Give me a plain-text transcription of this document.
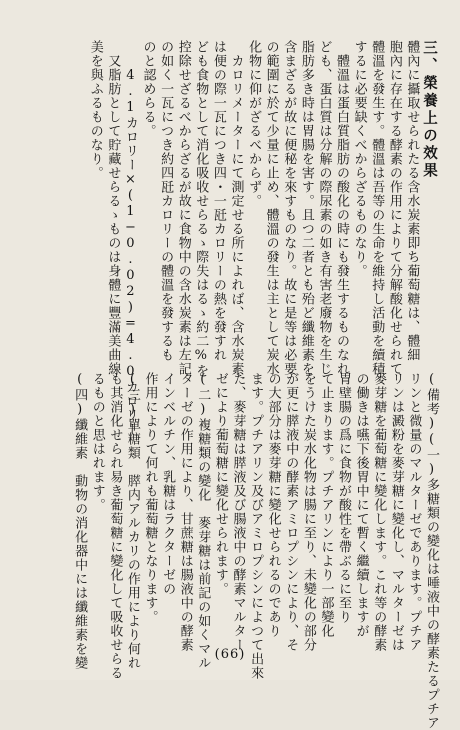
三、榮養上の效果
體內に攝取せられたる含水炭素即ち葡萄糖は、體細
胞內に存在する酵素の作用によりて分解酸化せられて
體溫を發生す。體溫は吾等の生命を維持し活動を續積
するに必要缺くべからざるものなり。
　體溫は蛋白質脂肪の酸化の時にも發生するものなれ
ども、蛋白質は分解の際尿素の如き有害老廢物を生じ
脂肪多き時は胃腸を害す。且つ二者とも殆ど纖維素を
含まざるが故に便秘を來すものなり。故に是等は必要
の範圍に於て少量に止め、體溫の發生は主として炭水
化物に仰がざるべからず。
　カロリメーターにて測定せる所によれば、含水炭素
は便の際一瓦につき四・一瓩カロリーの熱を發すれ
ども食物として消化吸收せらるゝ際失はるゝ約二%を
控除せざるべからざるが故に食物中の含水炭素は左記
の如く一瓦につき約四瓩カロリーの體溫を發するも
のと認めらる。
　　4.1カロリー×(1−0.02)=4.0カロリー
　又脂肪として貯藏せらるゝものは身體に豐滿美曲線
美を與ふるものなり。
(備考)(一)多糖類の變化は唾液中の酵素たるプチア
リンと微量のマルターゼであります。プチア
リンは澱粉を麥芽糖に變化し、マルターゼは
麥芽糖を葡萄糖に變化します。これ等の酵素
の働きは嚥下後胃中にて暫く繼續しますが
胃壁腸の爲に食物が酸性を帶ぶるに至り
て止まります。プチアリンにより一部變化
をうけた炭水化物は腸に至り、未變化の部分
が更に膵液中の酵素アミロプシンにより、そ
の大部分は麥芽糖に變化せられるのであり
ます。プチアリン及びアミロプシンによつて出來
た、麥芽糖は膵液及び腸液中の酵素マルター
ゼにより葡萄糖に變化せられます。
(二)複糖類の變化　麥芽糖は前記の如くマル
ターゼの作用により、甘蔗糖は腸液中の酵素
インベルチン、乳糖はラクターゼの
作用によりて何れも葡萄糖となります。
(三)單糖類　膵内アルカリの作用により何れ
も其消化せられ易き葡萄糖に變化して吸收せらる
るものと思はれます。
(四)纖維素　動物の消化器中には纖維素を變	(66)
